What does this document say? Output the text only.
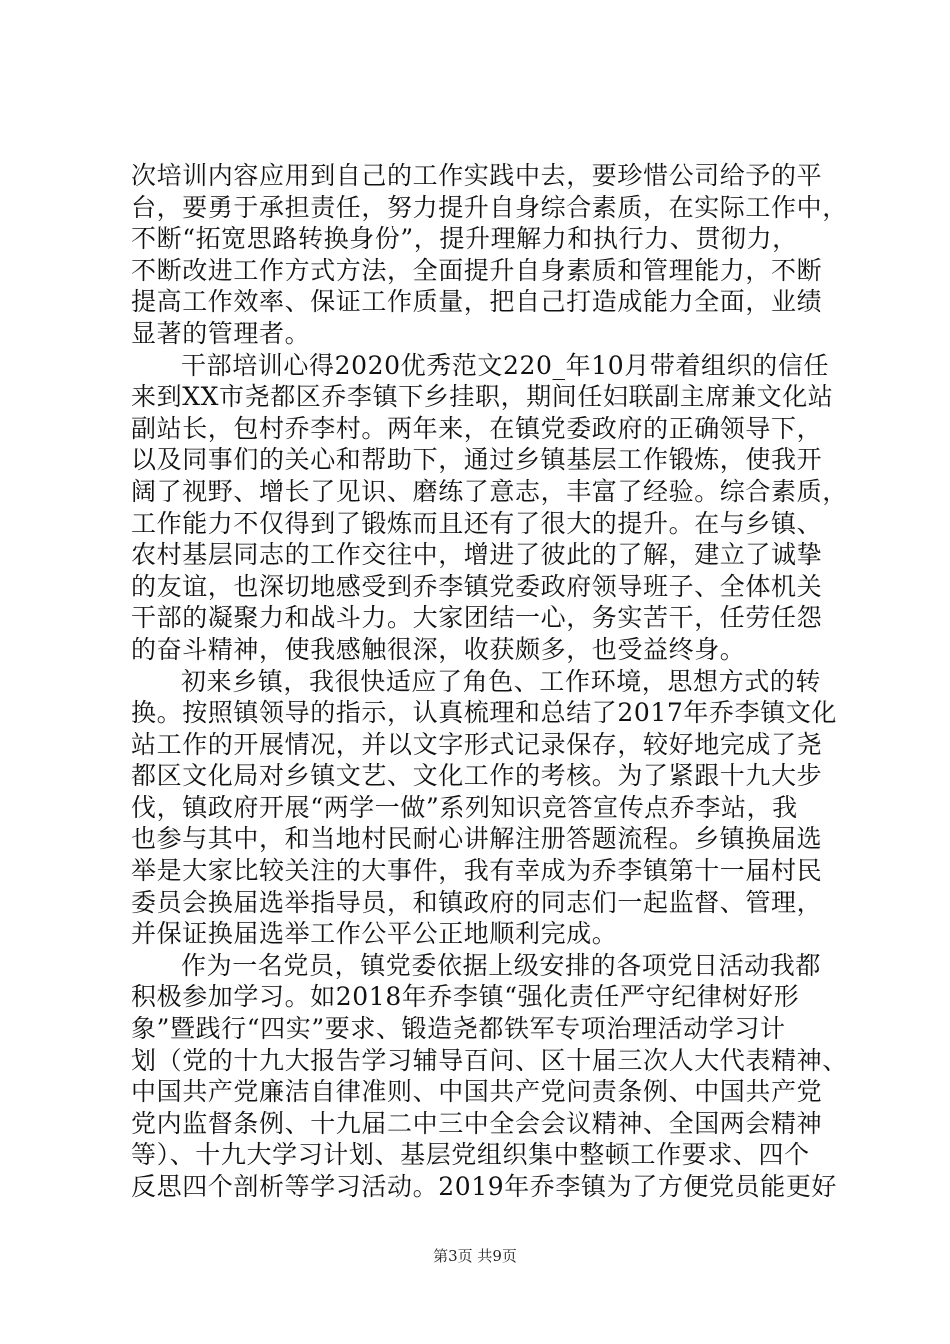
次培训内容应用到自己的工作实践中去，要珍惜公司给予的平
台，要勇于承担责任，努力提升自身综合素质，在实际工作中，
不断“拓宽思路转换身份”，提升理解力和执行力、贯彻力，
不断改进工作方式方法，全面提升自身素质和管理能力，不断
提高工作效率、保证工作质量，把自己打造成能力全面，业绩
显著的管理者。
干部培训心得2020优秀范文220_年10月带着组织的信任
来到XX市尧都区乔李镇下乡挂职，期间任妇联副主席兼文化站
副站长，包村乔李村。两年来，在镇党委政府的正确领导下，
以及同事们的关心和帮助下，通过乡镇基层工作锻炼，使我开
阔了视野、增长了见识、磨练了意志，丰富了经验。综合素质，
工作能力不仅得到了锻炼而且还有了很大的提升。在与乡镇、
农村基层同志的工作交往中，增进了彼此的了解，建立了诚挚
的友谊，也深切地感受到乔李镇党委政府领导班子、全体机关
干部的凝聚力和战斗力。大家团结一心，务实苦干，任劳任怨
的奋斗精神，使我感触很深，收获颇多，也受益终身。
初来乡镇，我很快适应了角色、工作环境，思想方式的转
换。按照镇领导的指示，认真梳理和总结了2017年乔李镇文化
站工作的开展情况，并以文字形式记录保存，较好地完成了尧
都区文化局对乡镇文艺、文化工作的考核。为了紧跟十九大步
伐，镇政府开展“两学一做”系列知识竞答宣传点乔李站，我
也参与其中，和当地村民耐心讲解注册答题流程。乡镇换届选
举是大家比较关注的大事件，我有幸成为乔李镇第十一届村民
委员会换届选举指导员，和镇政府的同志们一起监督、管理，
并保证换届选举工作公平公正地顺利完成。
作为一名党员，镇党委依据上级安排的各项党日活动我都
积极参加学习。如2018年乔李镇“强化责任严守纪律树好形
象”暨践行“四实”要求、锻造尧都铁军专项治理活动学习计
划（党的十九大报告学习辅导百问、区十届三次人大代表精神、
中国共产党廉洁自律准则、中国共产党问责条例、中国共产党
党内监督条例、十九届二中三中全会会议精神、全国两会精神
等）、十九大学习计划、基层党组织集中整顿工作要求、四个
反思四个剖析等学习活动。2019年乔李镇为了方便党员能更好
第3页 共9页
